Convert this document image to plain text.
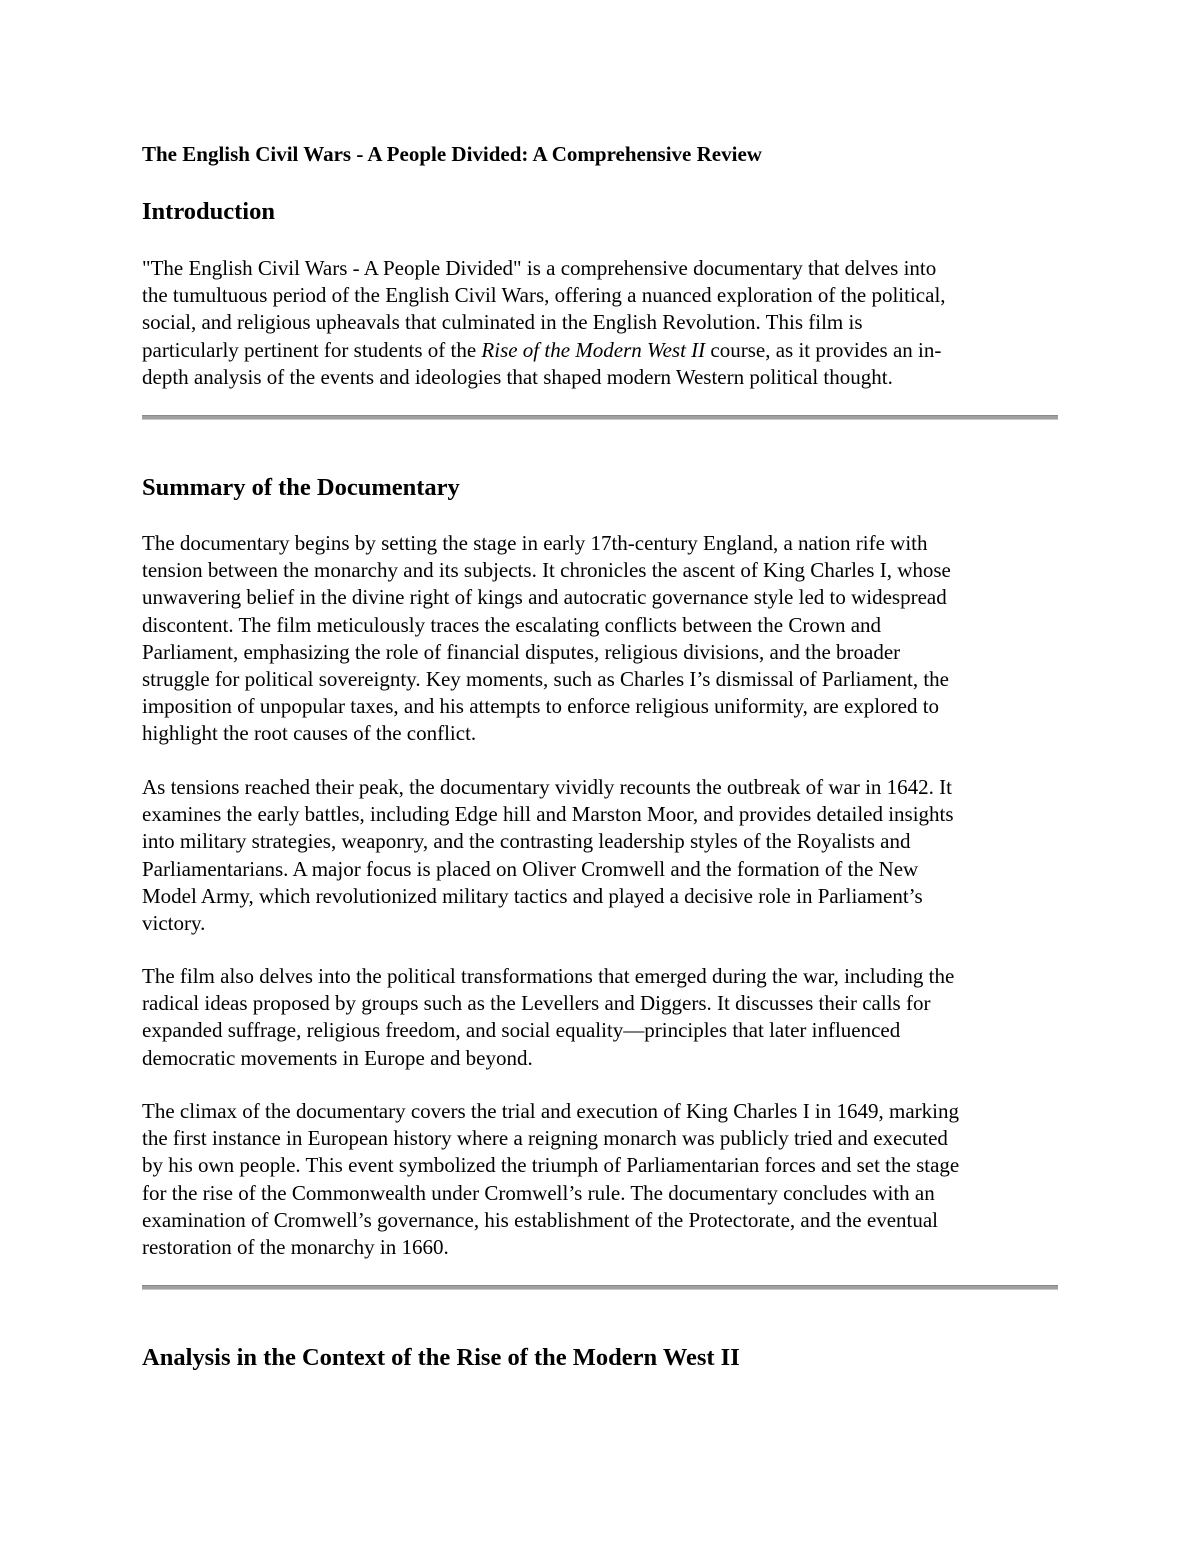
The English Civil Wars - A People Divided: A Comprehensive Review
Introduction

"The English Civil Wars - A People Divided" is a comprehensive documentary that delves into
the tumultuous period of the English Civil Wars, offering a nuanced exploration of the political,
social, and religious upheavals that culminated in the English Revolution. This film is
particularly pertinent for students of the Rise of the Modern West II course, as it provides an in-
depth analysis of the events and ideologies that shaped modern Western political thought.

Summary of the Documentary

The documentary begins by setting the stage in early 17th-century England, a nation rife with
tension between the monarchy and its subjects. It chronicles the ascent of King Charles I, whose
unwavering belief in the divine right of kings and autocratic governance style led to widespread
discontent. The film meticulously traces the escalating conflicts between the Crown and
Parliament, emphasizing the role of financial disputes, religious divisions, and the broader
struggle for political sovereignty. Key moments, such as Charles I’s dismissal of Parliament, the
imposition of unpopular taxes, and his attempts to enforce religious uniformity, are explored to
highlight the root causes of the conflict.

As tensions reached their peak, the documentary vividly recounts the outbreak of war in 1642. It
examines the early battles, including Edge hill and Marston Moor, and provides detailed insights
into military strategies, weaponry, and the contrasting leadership styles of the Royalists and
Parliamentarians. A major focus is placed on Oliver Cromwell and the formation of the New
Model Army, which revolutionized military tactics and played a decisive role in Parliament’s
victory.

The film also delves into the political transformations that emerged during the war, including the
radical ideas proposed by groups such as the Levellers and Diggers. It discusses their calls for
expanded suffrage, religious freedom, and social equality—principles that later influenced
democratic movements in Europe and beyond.

The climax of the documentary covers the trial and execution of King Charles I in 1649, marking
the first instance in European history where a reigning monarch was publicly tried and executed
by his own people. This event symbolized the triumph of Parliamentarian forces and set the stage
for the rise of the Commonwealth under Cromwell’s rule. The documentary concludes with an
examination of Cromwell’s governance, his establishment of the Protectorate, and the eventual
restoration of the monarchy in 1660.

Analysis in the Context of the Rise of the Modern West II
